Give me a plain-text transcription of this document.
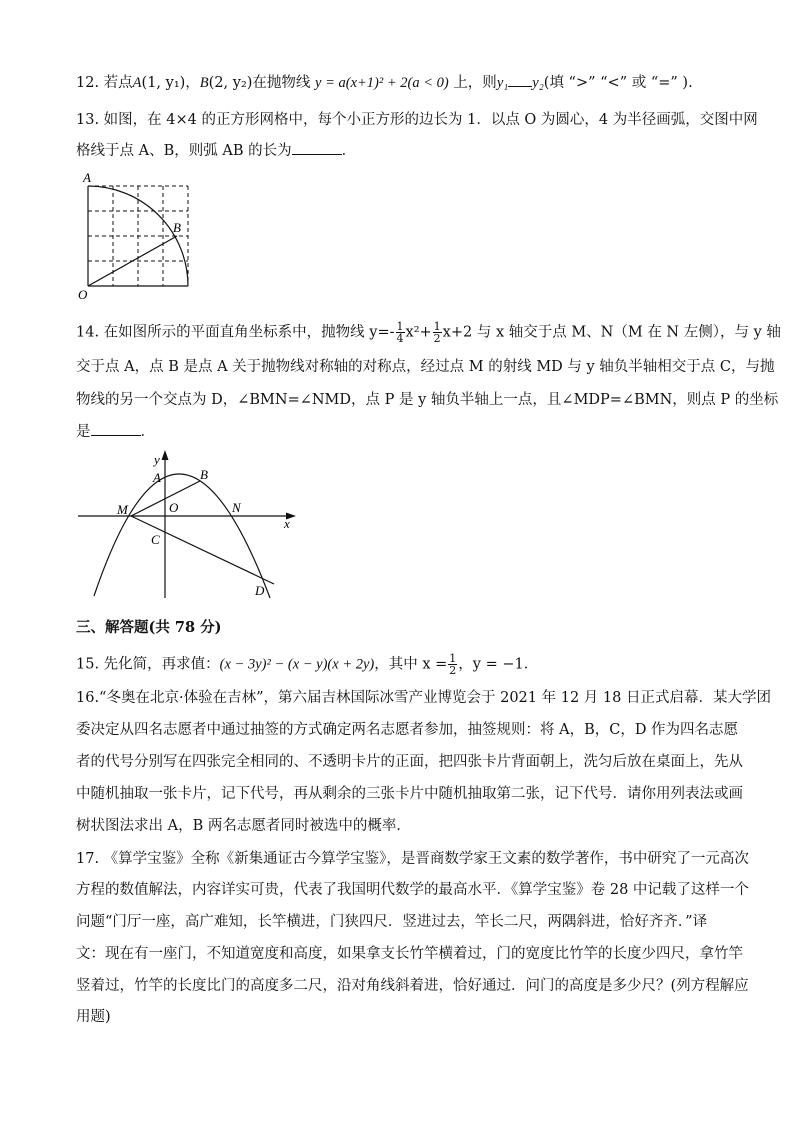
12. 若点A(1, y₁)，B(2, y₂)在抛物线 y = a(x+1)² + 2(a < 0) 上，则y₁ y₂(填 “>” “<” 或 “=” ).
13. 如图，在 4×4 的正方形网格中，每个小正方形的边长为 1．以点 O 为圆心，4 为半径画弧，交图中网
格线于点 A、B，则弧 AB 的长为	．
A
B
O
14. 在如图所示的平面直角坐标系中，抛物线 $y=- \frac{1}{4} x^2+ \frac{1}{2} x+2$ 与 x 轴交于点 M、N（M 在 N 左侧），与 y 轴
交于点 A，点 B 是点 A 关于抛物线对称轴的对称点，经过点 M 的射线 MD 与 y 轴负半轴相交于点 C，与抛
物线的另一个交点为 D，∠BMN=∠NMD，点 P 是 y 轴负半轴上一点，且∠MDP=∠BMN，则点 P 的坐标
是	．
y
x
A	B
M	O	N
C
D
三、解答题(共 78 分)
15. 先化简，再求值：(x − 3y)² − (x − y)(x + 2y)，其中 $x = \frac{1}{2}$ ，y = −1．
16.“冬奥在北京·体验在吉林”，第六届吉林国际冰雪产业博览会于 2021 年 12 月 18 日正式启幕．某大学团
委决定从四名志愿者中通过抽签的方式确定两名志愿者参加，抽签规则：将 A，B，C，D 作为四名志愿
者的代号分别写在四张完全相同的、不透明卡片的正面，把四张卡片背面朝上，洗匀后放在桌面上，先从
中随机抽取一张卡片，记下代号，再从剩余的三张卡片中随机抽取第二张，记下代号．请你用列表法或画
树状图法求出 A，B 两名志愿者同时被选中的概率．
17. 《算学宝鉴》全称《新集通证古今算学宝鉴》，是晋商数学家王文素的数学著作，书中研究了一元高次
方程的数值解法，内容详实可贵，代表了我国明代数学的最高水平．《算学宝鉴》卷 28 中记载了这样一个
问题“门厅一座，高广难知，长竿横进，门狭四尺．竖进过去，竿长二尺，两隅斜进，恰好齐齐．”译
文：现在有一座门，不知道宽度和高度，如果拿支长竹竿横着过，门的宽度比竹竿的长度少四尺，拿竹竿
竖着过，竹竿的长度比门的高度多二尺，沿对角线斜着进，恰好通过．问门的高度是多少尺？(列方程解应
用题)
